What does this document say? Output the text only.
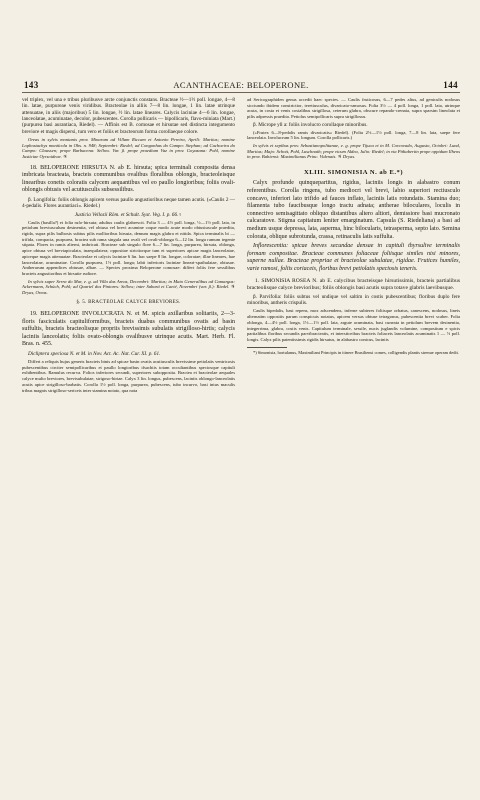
143	ACANTHACEAE: BELOPERONE.	144

vel triplex, vel una e tribus pluribusve arcte conjunctis constans. Bracteae ½—1½ poll. longae, 4—8 lin. latae, purpureae venis viridibus. Bracteolae in alliis 7—8 lin. longae, 1 lin. latae utrinque attenuatae, in aliis (majoribus) 5 lin. longae, ½ lin. latae lineares. Calycis laciniae 4—6 lin. longae, lanceolatae, acuminatae, decolor, pubescentes. Corolla pollicaris — bipollicaris, flavo-miniata (Mart.) (purpurea basi aurantiaca, Riedel). — Affinis est B. comosae et hirsutae sed distincta integumento breviore et magis dispersi, tum vero et foliis et bracteorum forma corollaeque colore.

Oreas in sylvis montanis prov. Minarum ad Villam Riccam et Antonio Pereira, Aprili: Martius; nomine Lophostachys montícola in Obs. n. 948; Septembri: Riedel; ad Congonhas do Campo: Stephan; ad Cachoeira do Campo: Claussen; prope Barbacena: Sellow. Var. β. prope praedium Vaz in prov. Goyazana: Pohl, nomine Justiciae Oyrsoideae. ♃

18. BELOPERONE HIRSUTA N. ab E. hirsuta; spica terminali composita densa imbricata bracteata, bracteis communibus ovalibus floralibus oblongis, bracteoleisque linearibus conetis coloratis calycem aequantibus vel eo paullo longioribus; foliis ovali-oblongis obtusis vel acutiusculis subsessilibus.

β. Longifolia: foliis oblongis apicem versus paullo angustioribus neque tamen acutis. (»Caulis 2 — 4-pedalis. Flores aurantiaci«. Riedel.)

Justicia Vellozii Röm. et Schult. Syst. Veg. I. p. 66.♀

Caulis (basilla?) et folia rufo-hirsuta; adultus caulis glabrescit. Folia 3 — 4½ poll. longa, ½—1½ poll. lata, in petiolum breviusculum desinentia, vel obtusa vel brevi acumine coque modo acute modo obtusiuscule praedita, rigida, supra pilis bulbosis subtus pilis mollioribus hirsuta, demum magis glabra et nitida. Spica terminalis bi — trifida, compacta, purpurea, bractea sub rama singula una ovali vel ovali-oblonga 6—12 lin. longa ramum tegente stipata. Flores in ramis alterni, imbricati. Bracteae sub singulo flore 6—7 lin. longa, purpurea, hirsuta, oblonga, apice obtusa vel breviapiculata, inaequilatera; oppositae strictiorque tum et superiores apicae magis lanceolatae, apiceque magis attenuatae. Bracteolae et calycis laciniae 6 lin. hac saepe 8 lin. longae, coloratae; illae lineares, hae lanceolatae, acuminatae. Corolla purpurea, 1½ poll. longa; labii inferioris laciniae lineari-spathulatae, obtusae. Antherarum appendices obtusae, albae. — Species proxima Beloperone comosae: differt foliis fere sessilibus bracteis angustioribus et hirsutie rudiore.

In sylvis super Serra do Mar, e. g. ad Villa das Areas, Decembri: Martius; in Mato Generalibus ad Camargus: Ackermann, Schüch, Pohl; ad Quartel dos Pintores: Sellow; inter Sabará et Caeté, Novembri (var. β.): Riedel. ♃ Dryas, Oreas.

§. 5. BRACTEOLAE CALYCE BREVIORES.

19. BELOPERONE INVOLUCRATA N. et M. spicis axillaribus solitariis, 2—3-floris fasciculatis capituliformibus, bracteis duabus communibus ovatis ad basin suffultis, bracteis bracteolisque propriis brevissimis subulatis strigilloso-hirtis; calycis laciniis lanceolatis; foliis ovato-oblongis ovalibusve utrinque acutis. Mart. Herb. Fl. Bras. n. 455.

Dicliptera speciosa N. et M. in Nov. Act. Ac. Nat. Cur. XI. p. 61.

Differt a reliquis hujus generis bracteis binis ad spicae basin ovatis acutiusculis brevissime petiolatis ventricosis pubescentibus circiter semipollicaribus et paullo longioribus ifsachiis totam occultantibus speciosque capituli exhibentibus. Ramulus recurva. Folios inferiores secundi, superiores subopposita. Bractea et bracteolae aequales calyce multo breviores, brevisubulatae, strigoso-hirtae. Calyx 3 lin. longus, pubescens, laciniis oblongo-lanceolatis acutis apice strigilloso-barbatis. Corolla 1½ poll. longa, purpurea, pubescens, tubo incurvo, basi intus maculis tribus magnis strigilloso-sericeis inter stamina notato, qua nota

ad Sericographiden genus accedit haec species. — Caulis fruticosus, 6—7 pedes altus, ad geniculis nodosus sicciundo ibidem constrictior, teretiusculus, divaricato-ramosus. Folia 3½ — 4 poll. longa, 1 poll. lata, utrinque acuta, in costa et venis costalibus strigillosa, ceterum glabra, obscure repando-crenata, supra sparsim lineolata et pilis adpressis praedita. Petiolus semipollicaris supra strigillosus.

β. Micrope yll a: foliis involucro corollaque minoribus.

(»Frutex 6—8-pedalis ramis divaricatis« Riedel). (Folia 2½—1½ poll. longa, 7—8 lin. lata, saepe fere lanceolata. Involucrum 5 lin. longum. Corolla pollicaris.)

In sylvis et sepibus prov. Sebastianopolitanae, e. g. prope Tijuca et in M. Corcovado, Augusto, Octobri: Lund, Martius; Majo: Schott, Pohl, Luschnath; prope vicum Aldea, Julio: Riedel; in via Piñtabertin prope oppidum Ilheos in prov. Bahiensi: Maximilianus Princ. Videnais. ♃ Dryas.

XLIII. SIMONISIA N. ab E.*)

Calyx profunde quinquepartitus, rigidus, laciniis longis in alabastro conum referentibus. Corolla ringens, tubo mediocri vel brevi, labio superiori rectiusculo concavo, inferiori lato trifido ad fauces inflato, laciniis latis rotundatis. Stamina duo; filamenta tubo faucibusque longo tractu adnata; antherae biloculares, loculis in connectivo semisagittato obliquo distantibus altero altiori, demissiore basi mucronato calcaratove. Stigma capitatum leniter emarginatum. Capsula (S. Riedeliana) a basi ad medium usque depressa, lata, asperma, hinc bilocularis, tetrasperma, septo lato. Semina colorata, oblique subrotunda, crassa, retinaculis latis suffulta.

Inflorescentia: spicae breves secundae densae in capituli thyrsulive terminalis formam compositae. Bracteae communes foliaceae foliisque similes nisi minores, superne nullae. Bracteae propriae et bracteolae subulatae, rigidae. Frutices humiles, varie ramosi, foliis coriaceis, floribus brevi petiolatis speciosis teneris.

1. SIMONISIA ROSEA N. ab E. calycibus bracteisque hirsutissimis, bracteis partialibus bracteolisque calyce brevioribus; foliis oblongis basi acutis supra totave glabris laevibusque.

β. Parvifolia: foliis subtus vel undique vel saltim in costis pubescentibus; floribus duplo fere minoribus, antheris crispulis.

Caulis bipedalis, basi repens, mox adscendens, inferne subteres foliisque orbatus, canescens, nodosus, lineis alternatim oppositis parum conspicuis notatus, apicem versus obtuse tetragonus, pubescentia brevi scaber. Folia oblonga, 4—4½ poll. longa, 1½—1½ poll. lata, argute acuminata, basi cuneata in petiolum brevem desinentia, integerrima, glabra, costis venis. Capitulum terminale, sessile, nucis juglandis volumine, compositum e spicis partialibus floribus secundis parvibracteatis, et intersticeibus bracteis foliaceis lanceolatis acuminatis 1 — ½ poll. longis. Calyx pilis patentissimis rigidis hirsutus, in alabastro conicus, laciniis

*) Simonisia, hortulanus, Maximiliani Principis in itinere Brasiliensi comes, colligendis plantis strenue operam dedit.
